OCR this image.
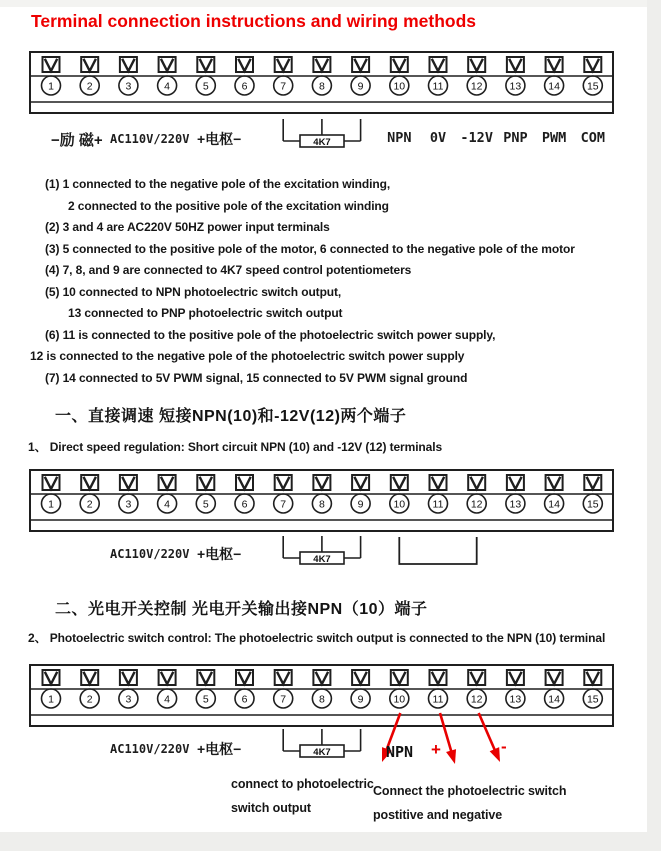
1	2	3	4	5	6	7	8	9	10	11	12	13	14	15
1	2	3	4	5	6	7	8	9	10	11	12	13	14	15
1	2	3	4	5	6	7	8	9	10	11	12	13	14	15
4K7
4K7
4K7
Terminal connection instructions and wiring methods
−励 磁+ AC110V/220V +电枢−	NPN 0V -12V PNP PWM COM
(1) 1 connected to the negative pole of the excitation winding,
2 connected to the positive pole of the excitation winding
(2) 3 and 4 are AC220V 50HZ power input terminals
(3) 5 connected to the positive pole of the motor, 6 connected to the negative pole of the motor
(4) 7, 8, and 9 are connected to 4K7 speed control potentiometers
(5) 10 connected to NPN photoelectric switch output,
13 connected to PNP photoelectric switch output
(6) 11 is connected to the positive pole of the photoelectric switch power supply,
12 is connected to the negative pole of the photoelectric switch power supply
(7) 14 connected to 5V PWM signal, 15 connected to 5V PWM signal ground
一、直接调速 短接NPN(10)和-12V(12)两个端子
1、 Direct speed regulation: Short circuit NPN (10) and -12V (12) terminals
AC110V/220V +电枢−
二、光电开关控制 光电开关输出接NPN（10）端子
2、 Photoelectric switch control: The photoelectric switch output is connected to the NPN (10) terminal
AC110V/220V +电枢−	NPN +	-
connect to photoelectric
switch output
Connect the photoelectric switch
postitive and negative
